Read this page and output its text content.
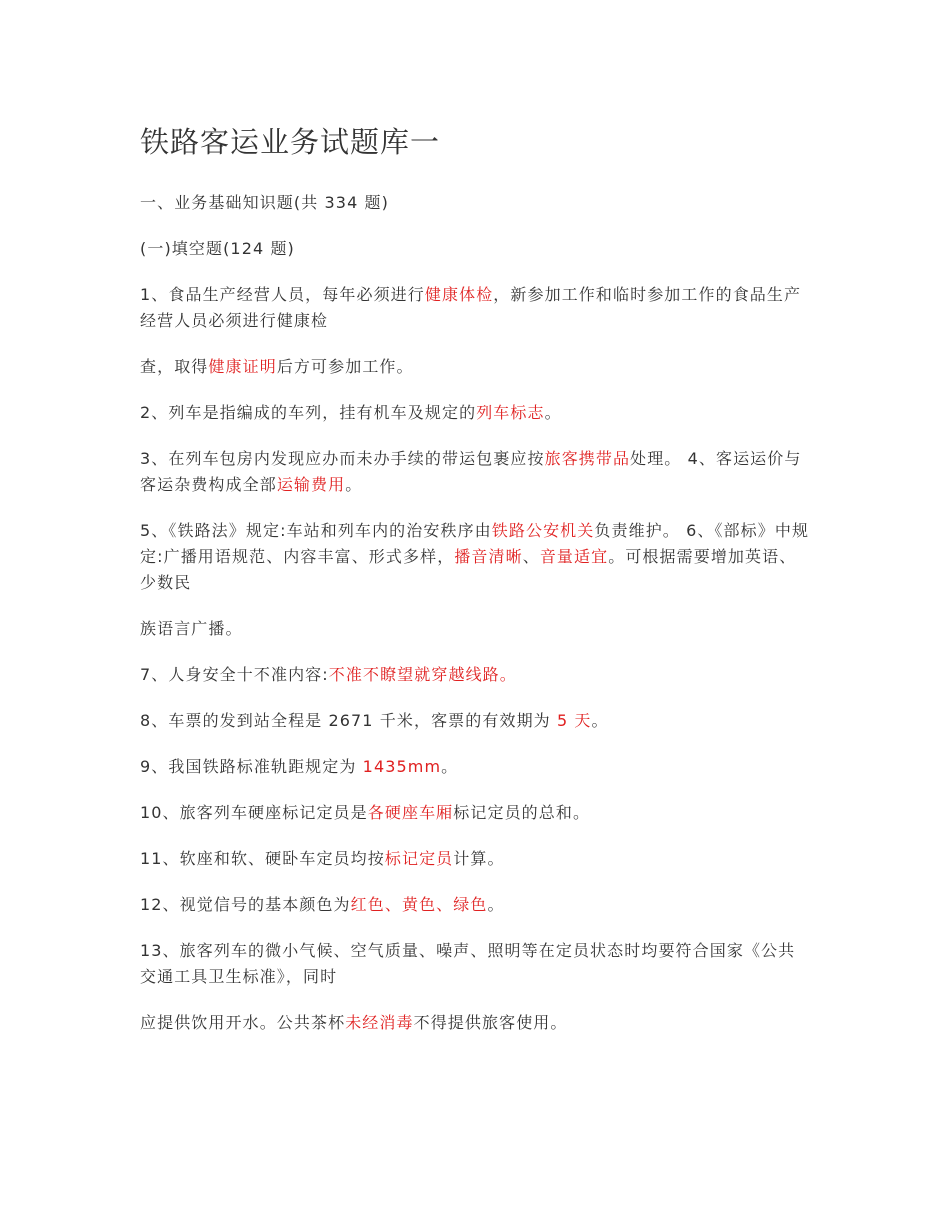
铁路客运业务试题库一

一、业务基础知识题(共 334 题)

(一)填空题(124 题)

1、食品生产经营人员，每年必须进行健康体检，新参加工作和临时参加工作的食品生产经营人员必须进行健康检

查，取得健康证明后方可参加工作。

2、列车是指编成的车列，挂有机车及规定的列车标志。

3、在列车包房内发现应办而未办手续的带运包裹应按旅客携带品处理。 4、客运运价与客运杂费构成全部运输费用。

5、《铁路法》规定:车站和列车内的治安秩序由铁路公安机关负责维护。 6、《部标》中规定:广播用语规范、内容丰富、形式多样，播音清晰、音量适宜。可根据需要增加英语、少数民

族语言广播。

7、人身安全十不准内容:不准不瞭望就穿越线路。

8、车票的发到站全程是 2671 千米，客票的有效期为 5 天。

9、我国铁路标准轨距规定为 1435mm。

10、旅客列车硬座标记定员是各硬座车厢标记定员的总和。

11、软座和软、硬卧车定员均按标记定员计算。

12、视觉信号的基本颜色为红色、黄色、绿色。

13、旅客列车的微小气候、空气质量、噪声、照明等在定员状态时均要符合国家《公共交通工具卫生标准》，同时

应提供饮用开水。公共茶杯未经消毒不得提供旅客使用。
